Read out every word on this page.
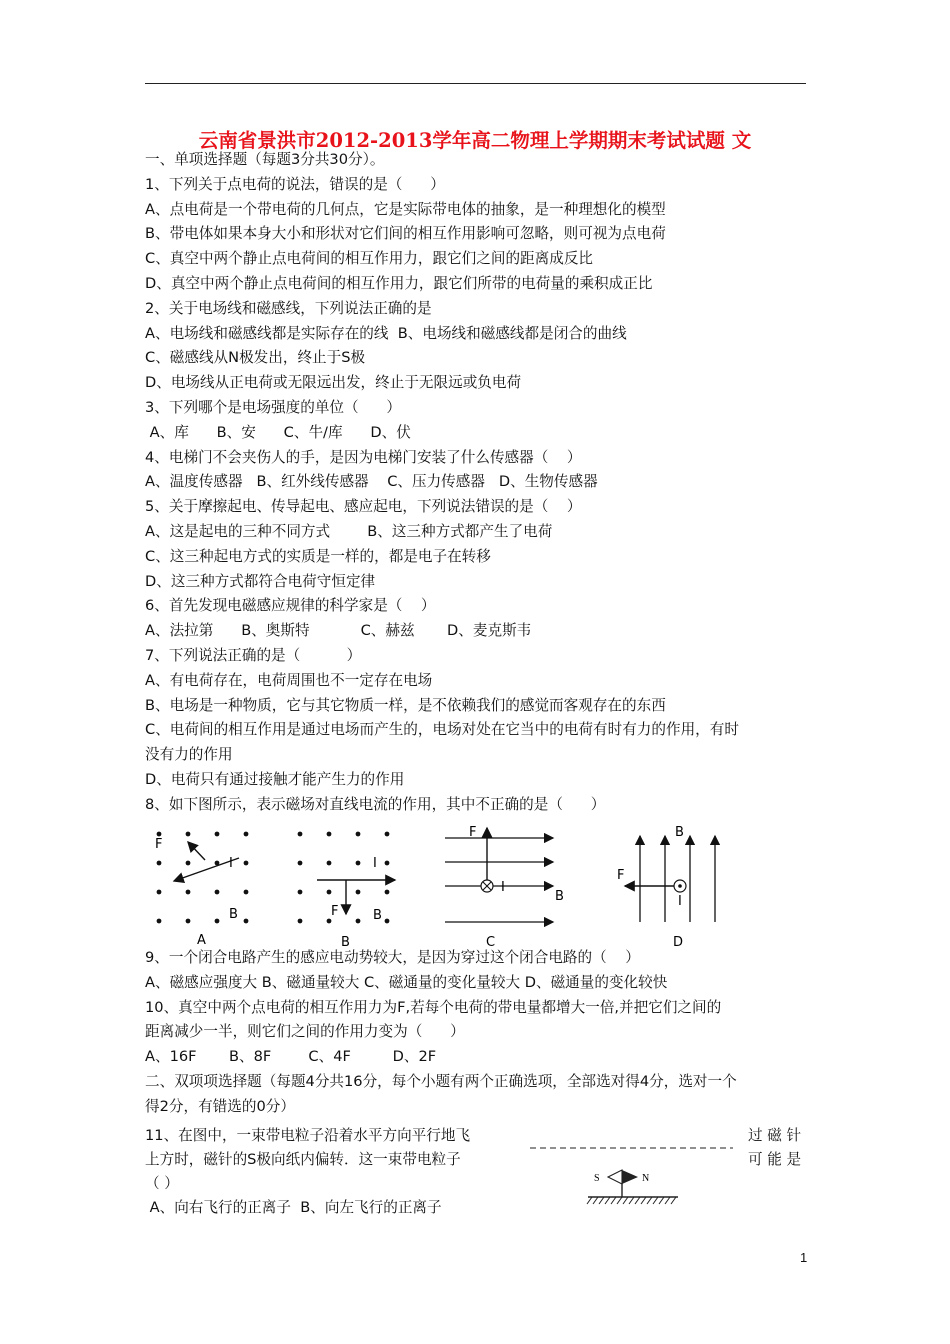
云南省景洪市2012-2013学年高二物理上学期期末考试试题 文
一、单项选择题（每题3分共30分）。
1、下列关于点电荷的说法，错误的是（      ）
A、点电荷是一个带电荷的几何点，它是实际带电体的抽象，是一种理想化的模型
B、带电体如果本身大小和形状对它们间的相互作用影响可忽略，则可视为点电荷
C、真空中两个静止点电荷间的相互作用力，跟它们之间的距离成反比
D、真空中两个静止点电荷间的相互作用力，跟它们所带的电荷量的乘积成正比
2、关于电场线和磁感线，下列说法正确的是
A、电场线和磁感线都是实际存在的线  B、电场线和磁感线都是闭合的曲线
C、磁感线从N极发出，终止于S极
D、电场线从正电荷或无限远出发，终止于无限远或负电荷
3、下列哪个是电场强度的单位（      ）
A、库      B、安      C、牛/库      D、伏
4、电梯门不会夹伤人的手，是因为电梯门安装了什么传感器（    ）
A、温度传感器   B、红外线传感器    C、压力传感器   D、生物传感器
5、关于摩擦起电、传导起电、感应起电，下列说法错误的是（    ）
A、这是起电的三种不同方式        B、这三种方式都产生了电荷
C、这三种起电方式的实质是一样的，都是电子在转移
D、这三种方式都符合电荷守恒定律
6、首先发现电磁感应规律的科学家是（    ）
A、法拉第      B、奥斯特           C、赫兹       D、麦克斯韦
7、下列说法正确的是（          ）
A、有电荷存在，电荷周围也不一定存在电场
B、电场是一种物质，它与其它物质一样，是不依赖我们的感觉而客观存在的东西
C、电荷间的相互作用是通过电场而产生的，电场对处在它当中的电荷有时有力的作用，有时
没有力的作用
D、电荷只有通过接触才能产生力的作用
8、如下图所示，表示磁场对直线电流的作用，其中不正确的是（      ）
F
I
B
A
I
F	B
B
F
I
B
C
B
F
I
D
9、一个闭合电路产生的感应电动势较大，是因为穿过这个闭合电路的（    ）
A、磁感应强度大 B、磁通量较大 C、磁通量的变化量较大 D、磁通量的变化较快
10、真空中两个点电荷的相互作用力为F,若每个电荷的带电量都增大一倍,并把它们之间的
距离减少一半，则它们之间的作用力变为（      ）
A、16F       B、8F        C、4F         D、2F
二、双项项选择题（每题4分共16分，每个小题有两个正确选项，全部选对得4分，选对一个
得2分，有错选的0分）
11、在图中，一束带电粒子沿着水平方向平行地飞
上方时，磁针的S极向纸内偏转．这一束带电粒子
（ ）
A、向右飞行的正离子  B、向左飞行的正离子
过 磁 针
可 能 是
S	N
1
